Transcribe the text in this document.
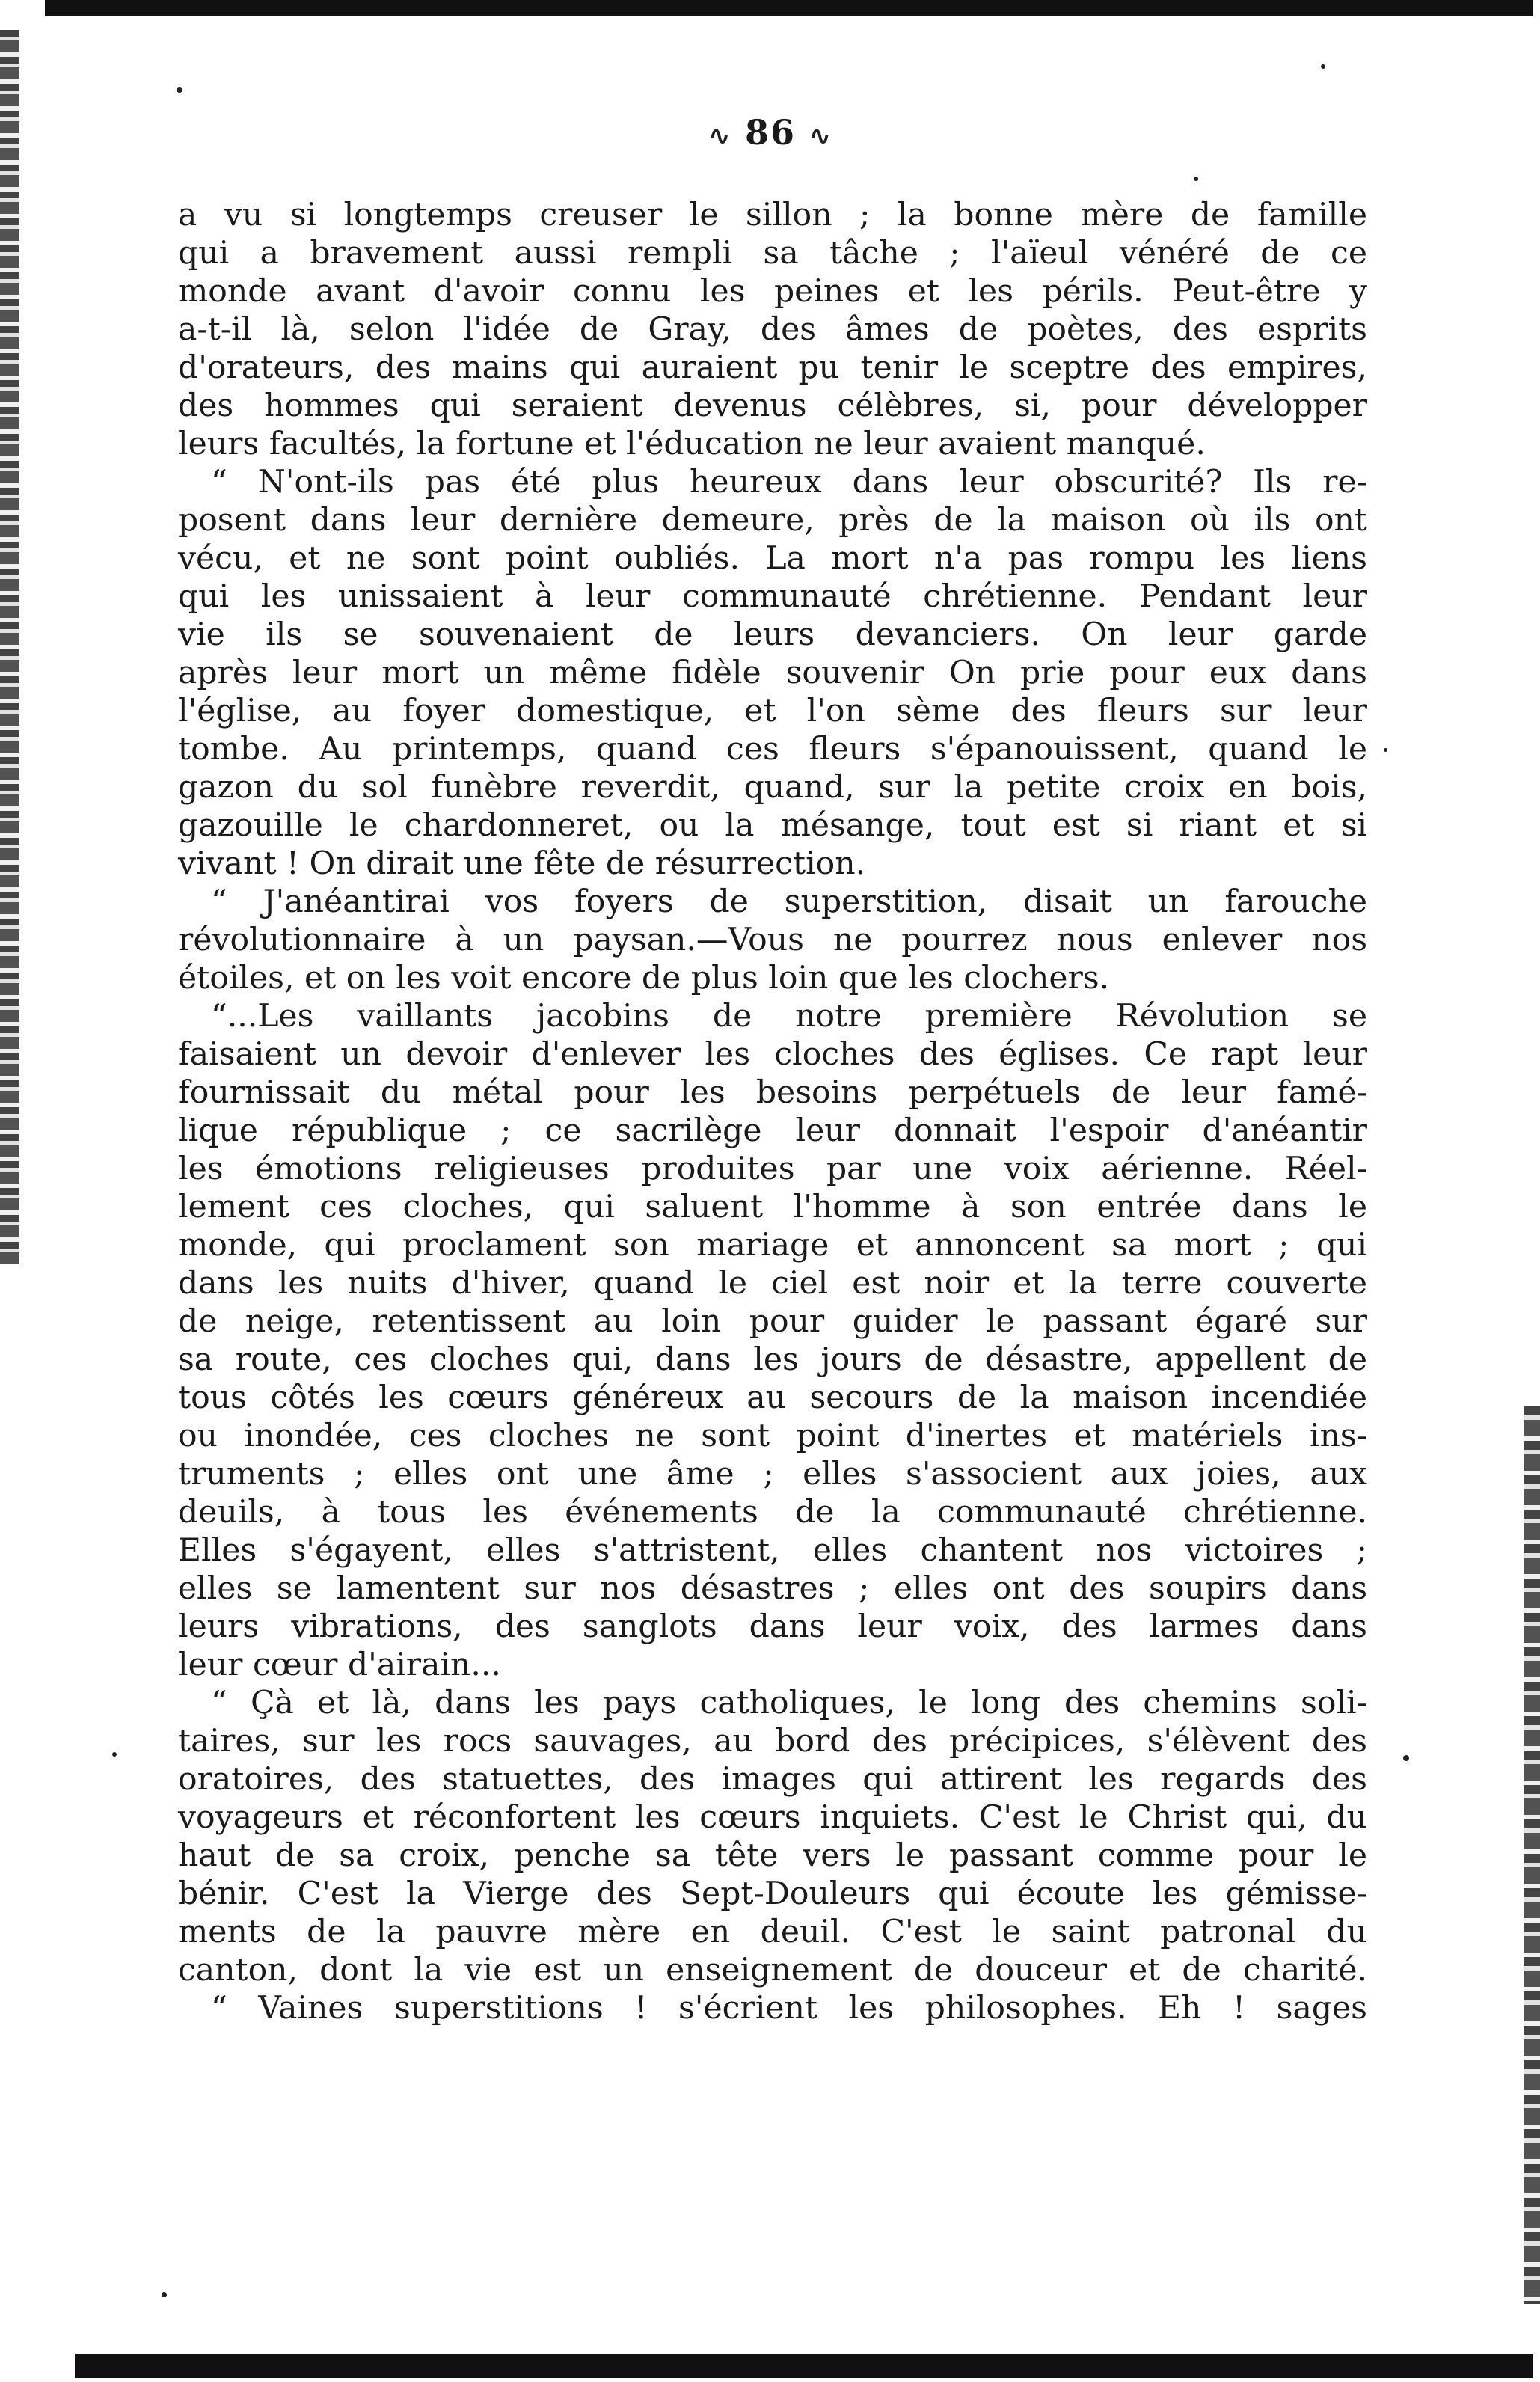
∿ 86 ∿
a vu si longtemps creuser le sillon ; la bonne mère de famille
qui a bravement aussi rempli sa tâche ; l'aïeul vénéré de ce
monde avant d'avoir connu les peines et les périls. Peut-être y
a-t-il là, selon l'idée de Gray, des âmes de poètes, des esprits
d'orateurs, des mains qui auraient pu tenir le sceptre des empires,
des hommes qui seraient devenus célèbres, si, pour développer
leurs facultés, la fortune et l'éducation ne leur avaient manqué.
“ N'ont-ils pas été plus heureux dans leur obscurité? Ils re-
posent dans leur dernière demeure, près de la maison où ils ont
vécu, et ne sont point oubliés. La mort n'a pas rompu les liens
qui les unissaient à leur communauté chrétienne. Pendant leur
vie ils se souvenaient de leurs devanciers. On leur garde
après leur mort un même fidèle souvenir On prie pour eux dans
l'église, au foyer domestique, et l'on sème des fleurs sur leur
tombe. Au printemps, quand ces fleurs s'épanouissent, quand le
gazon du sol funèbre reverdit, quand, sur la petite croix en bois,
gazouille le chardonneret, ou la mésange, tout est si riant et si
vivant ! On dirait une fête de résurrection.
“ J'anéantirai vos foyers de superstition, disait un farouche
révolutionnaire à un paysan.—Vous ne pourrez nous enlever nos
étoiles, et on les voit encore de plus loin que les clochers.
“...Les vaillants jacobins de notre première Révolution se
faisaient un devoir d'enlever les cloches des églises. Ce rapt leur
fournissait du métal pour les besoins perpétuels de leur famé-
lique république ; ce sacrilège leur donnait l'espoir d'anéantir
les émotions religieuses produites par une voix aérienne. Réel-
lement ces cloches, qui saluent l'homme à son entrée dans le
monde, qui proclament son mariage et annoncent sa mort ; qui
dans les nuits d'hiver, quand le ciel est noir et la terre couverte
de neige, retentissent au loin pour guider le passant égaré sur
sa route, ces cloches qui, dans les jours de désastre, appellent de
tous côtés les cœurs généreux au secours de la maison incendiée
ou inondée, ces cloches ne sont point d'inertes et matériels ins-
truments ; elles ont une âme ; elles s'associent aux joies, aux
deuils, à tous les événements de la communauté chrétienne.
Elles s'égayent, elles s'attristent, elles chantent nos victoires ;
elles se lamentent sur nos désastres ; elles ont des soupirs dans
leurs vibrations, des sanglots dans leur voix, des larmes dans
leur cœur d'airain...
“ Çà et là, dans les pays catholiques, le long des chemins soli-
taires, sur les rocs sauvages, au bord des précipices, s'élèvent des
oratoires, des statuettes, des images qui attirent les regards des
voyageurs et réconfortent les cœurs inquiets. C'est le Christ qui, du
haut de sa croix, penche sa tête vers le passant comme pour le
bénir. C'est la Vierge des Sept-Douleurs qui écoute les gémisse-
ments de la pauvre mère en deuil. C'est le saint patronal du
canton, dont la vie est un enseignement de douceur et de charité.
“ Vaines superstitions ! s'écrient les philosophes. Eh ! sages
